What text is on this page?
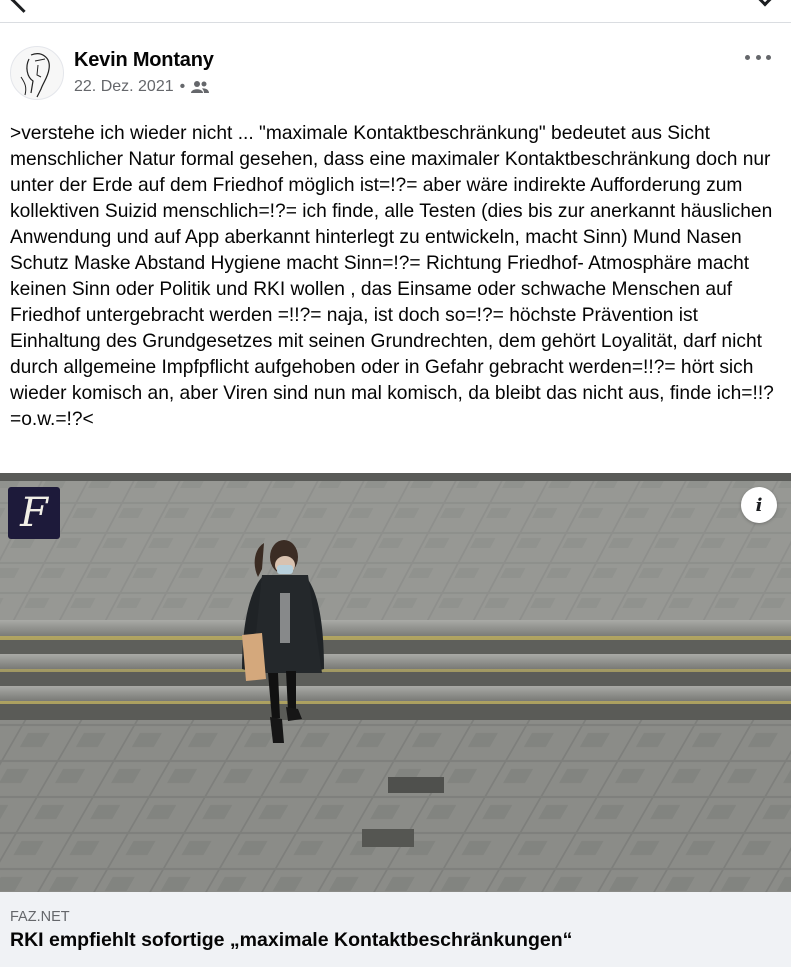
Kevin Montany
22. Dez. 2021 •
>verstehe ich wieder nicht ... "maximale Kontaktbeschränkung" bedeutet aus Sicht menschlicher Natur formal gesehen, dass eine maximaler Kontaktbeschränkung doch nur unter der Erde auf dem Friedhof möglich ist=!?= aber wäre indirekte Aufforderung zum kollektiven Suizid menschlich=!?= ich finde, alle Testen (dies bis zur anerkannt häuslichen Anwendung und auf App aberkannt hinterlegt zu entwickeln, macht Sinn) Mund Nasen Schutz Maske Abstand Hygiene macht Sinn=!?= Richtung Friedhof- Atmosphäre macht keinen Sinn oder Politik und RKI wollen , das Einsame oder schwache Menschen auf Friedhof untergebracht werden =!!?= naja, ist doch so=!?= höchste Prävention ist Einhaltung des Grundgesetzes mit seinen Grundrechten, dem gehört Loyalität, darf nicht durch allgemeine Impfpflicht aufgehoben oder in Gefahr gebracht werden=!!?= hört sich wieder komisch an, aber Viren sind nun mal komisch, da bleibt das nicht aus, finde ich=!!?=o.w.=!?<
F	i
FAZ.NET
RKI empfiehlt sofortige „maximale Kontaktbeschränkungen“
